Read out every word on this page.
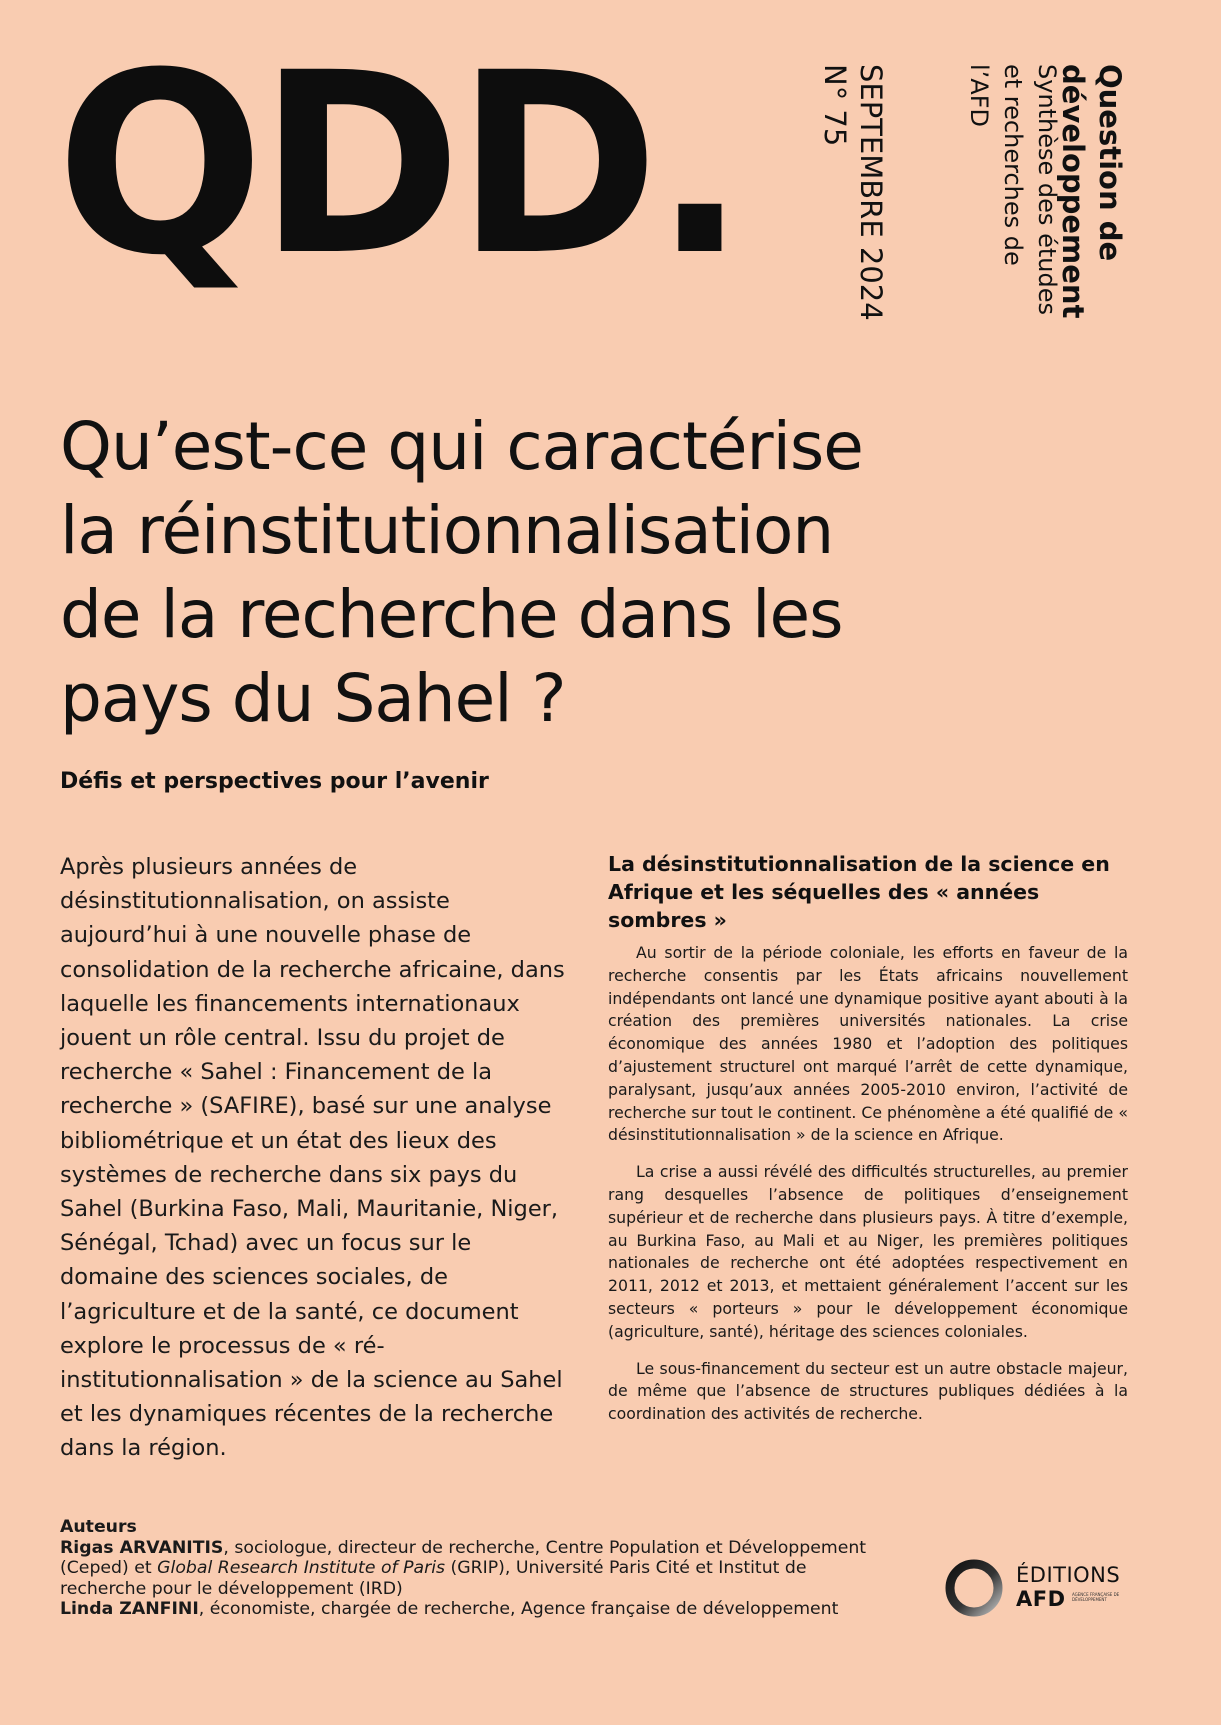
QDD.	Question de
développement
Synthèse des études
et recherches de
l’AFD
SEPTEMBRE 2024
N° 75
Qu’est-ce qui caractérise
la réinstitutionnalisation
de la recherche dans les
pays du Sahel ?

Défis et perspectives pour l’avenir

Après plusieurs années de désinstitutionnalisation, on assiste aujourd’hui à une nouvelle phase de consolidation de la recherche africaine, dans laquelle les financements internationaux jouent un rôle central. Issu du projet de recherche « Sahel : Financement de la recherche » (SAFIRE), basé sur une analyse bibliométrique et un état des lieux des systèmes de recherche dans six pays du Sahel (Burkina Faso, Mali, Mauritanie, Niger, Sénégal, Tchad) avec un focus sur le domaine des sciences sociales, de l’agriculture et de la santé, ce document explore le processus de « ré-institutionnalisation » de la science au Sahel et les dynamiques récentes de la recherche dans la région.

La désinstitutionnalisation de la science en Afrique et les séquelles des « années sombres »

Au sortir de la période coloniale, les efforts en faveur de la recherche consentis par les États africains nouvellement indépendants ont lancé une dynamique positive ayant abouti à la création des premières universités nationales. La crise économique des années 1980 et l’adoption des politiques d’ajustement structurel ont marqué l’arrêt de cette dynamique, paralysant, jusqu’aux années 2005-2010 environ, l’activité de recherche sur tout le continent. Ce phénomène a été qualifié de « désinstitutionnalisation » de la science en Afrique.

La crise a aussi révélé des difficultés structurelles, au premier rang desquelles l’absence de politiques d’enseignement supérieur et de recherche dans plusieurs pays. À titre d’exemple, au Burkina Faso, au Mali et au Niger, les premières politiques nationales de recherche ont été adoptées respectivement en 2011, 2012 et 2013, et mettaient généralement l’accent sur les secteurs « porteurs » pour le développement économique (agriculture, santé), héritage des sciences coloniales.

Le sous-financement du secteur est un autre obstacle majeur, de même que l’absence de structures publiques dédiées à la coordination des activités de recherche.

Auteurs
Rigas ARVANITIS, sociologue, directeur de recherche, Centre Population et Développement (Ceped) et Global Research Institute of Paris (GRIP), Université Paris Cité et Institut de recherche pour le développement (IRD)
Linda ZANFINI, économiste, chargée de recherche, Agence française de développement
ÉDITIONS
AFD AGENCE FRANÇAISE DE DÉVELOPPEMENT
